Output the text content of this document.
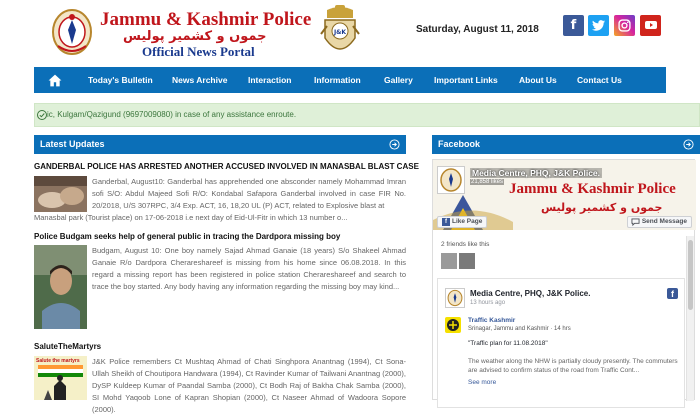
Jammu & Kashmir Police
جموں و کشمیر پولیس
Official News Portal
J&K	Saturday, August 11, 2018	f
Today's Bulletin News Archive Interaction	Information	Gallery Important Links About Us Contact Us
ic, Kulgam/Qazigund (9697009080) in case of any assistance enroute.
Latest Updates
GANDERBAL POLICE HAS ARRESTED ANOTHER ACCUSED INVOLVED IN MANASBAL BLAST CASE
Ganderbal, August10: Ganderbal has apprehended one absconder namely Mohammad Imran sofi S/O: Abdul Majeed Sofi R/O: Kondabal Safapora Ganderbal involved in case FIR No. 20/2018, U/S 307RPC, 3/4 Exp. ACT, 16, 18,20 UL (P) ACT, related to Explosive blast at
Manasbal park (Tourist place) on 17-06-2018 i.e next day of Eid-Ul-Fitr in which 13 number o...
Police Budgam seeks help of general public in tracing the Dardpora missing boy
Budgam, August 10: One boy namely Sajad Ahmad Ganaie (18 years) S/o Shakeel Ahmad Ganaie R/o Dardpora Cherareshareef is missing from his home since 06.08.2018. In this regard a missing report has been registered in police station Cherareshareef and search to trace the boy started. Any body having any information regarding the missing boy may kind...
SaluteTheMartyrs
Salute the martyrs J&K Police remembers Ct Mushtaq Ahmad of Chati Singhpora Anantnag (1994), Ct Sona-Ullah Sheikh of Choutipora Handwara (1994), Ct Ravinder Kumar of Tailwani Anantnag (2000), DySP Kuldeep Kumar of Paandal Samba (2000), Ct Bodh Raj of Bakha Chak Samba (2000), SI Mohd Yaqoob Lone of Kapran Shopian (2000), Ct Naseer Ahmad of Wadoora Sopore (2000).
Facebook
Media Centre, PHQ, J&K Police.
21,858 likes Jammu & Kashmir Police
جموں و کشمیر پولیس
f Like Page	Send Message
2 friends like this
Media Centre, PHQ, J&K Police.
13 hours ago
f
Traffic Kashmir
Srinagar, Jammu and Kashmir · 14 hrs
"Traffic plan for 11.08.2018"
The weather along the NHW is partially cloudy presently. The commuters are advised to confirm status of the road from Traffic Cont...
See more
